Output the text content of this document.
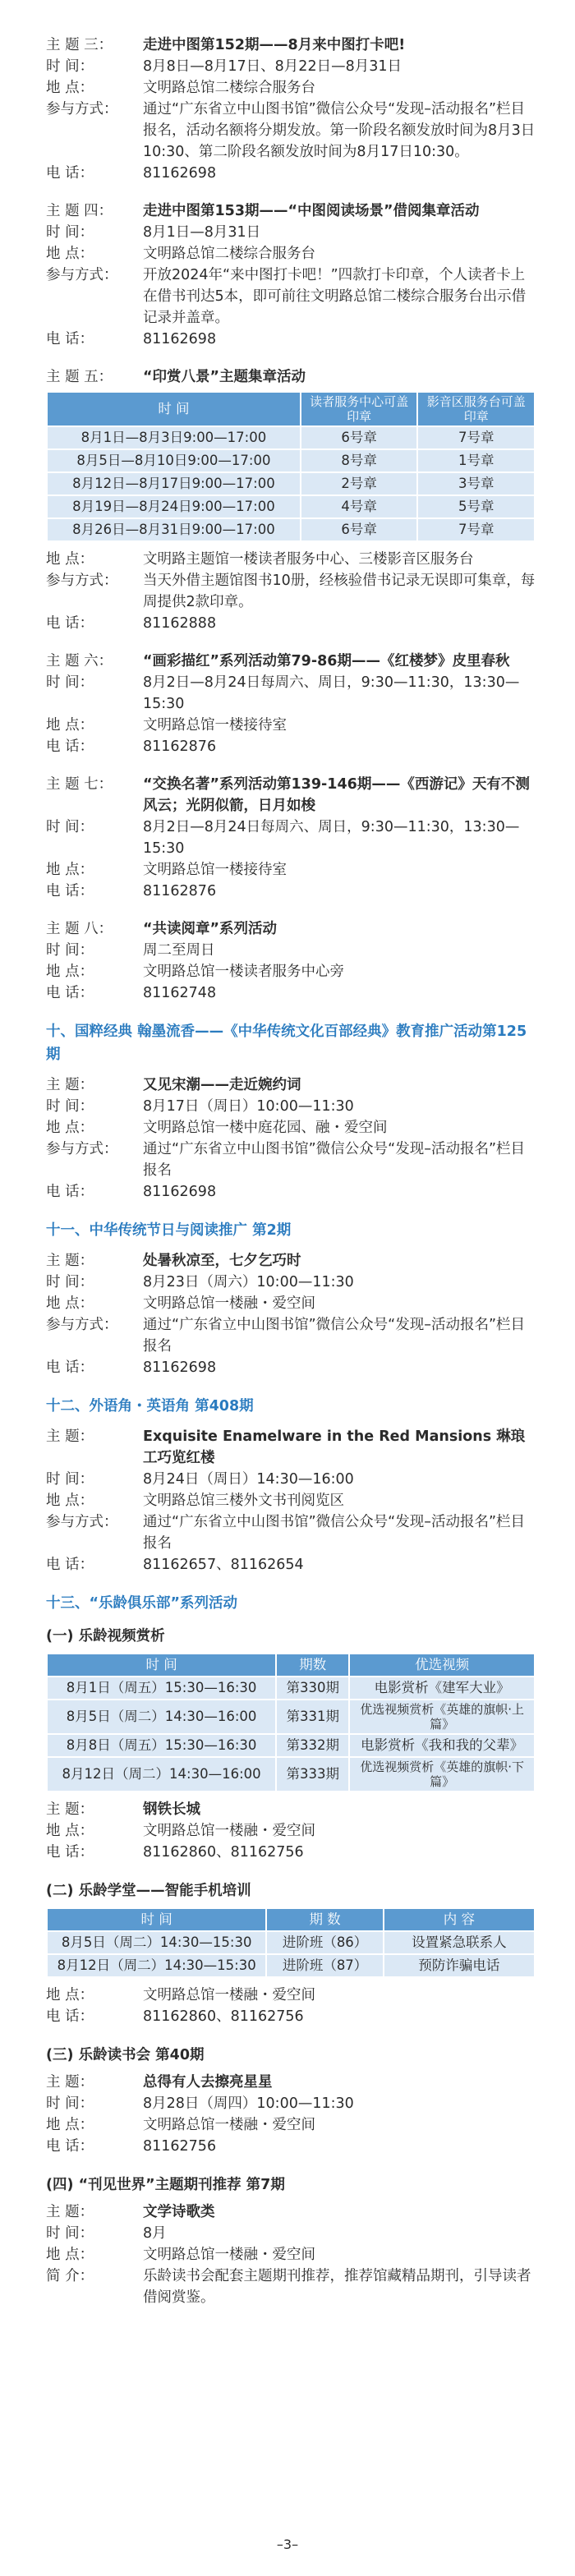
主 题 三：	走进中图第152期——8月来中图打卡吧!
时 间：	8月8日—8月17日、8月22日—8月31日
地 点：	文明路总馆二楼综合服务台
参与方式：	通过“广东省立中山图书馆”微信公众号“发现–活动报名”栏目报名，活动名额将分期发放。第一阶段名额发放时间为8月3日10:30、第二阶段名额发放时间为8月17日10:30。
电 话：	81162698
主 题 四：	走进中图第153期——“中图阅读场景”借阅集章活动
时 间：	8月1日—8月31日
地 点：	文明路总馆二楼综合服务台
参与方式：	开放2024年“来中图打卡吧！”四款打卡印章，个人读者卡上在借书刊达5本，即可前往文明路总馆二楼综合服务台出示借记录并盖章。
电 话：	81162698
主 题 五：	“印赏八景”主题集章活动
时 间	读者服务中心可盖印章	影音区服务台可盖印章
8月1日—8月3日9:00—17:00	6号章	7号章
8月5日—8月10日9:00—17:00	8号章	1号章
8月12日—8月17日9:00—17:00	2号章	3号章
8月19日—8月24日9:00—17:00	4号章	5号章
8月26日—8月31日9:00—17:00	6号章	7号章
地 点：	文明路主题馆一楼读者服务中心、三楼影音区服务台
参与方式：	当天外借主题馆图书10册，经核验借书记录无误即可集章，每周提供2款印章。
电 话：	81162888
主 题 六：	“画彩描红”系列活动第79-86期——《红楼梦》皮里春秋
时 间：	8月2日—8月24日每周六、周日，9:30—11:30，13:30—15:30
地 点：	文明路总馆一楼接待室
电 话：	81162876
主 题 七：	“交换名著”系列活动第139-146期——《西游记》天有不测风云；光阴似箭，日月如梭
时 间：	8月2日—8月24日每周六、周日，9:30—11:30，13:30—15:30
地 点：	文明路总馆一楼接待室
电 话：	81162876
主 题 八：	“共读阅章”系列活动
时 间：	周二至周日
地 点：	文明路总馆一楼读者服务中心旁
电 话：	81162748
十、国粹经典 翰墨流香——《中华传统文化百部经典》教育推广活动第125期
主 题：	又见宋潮——走近婉约词
时 间：	8月17日（周日）10:00—11:30
地 点：	文明路总馆一楼中庭花园、融・爱空间
参与方式：	通过“广东省立中山图书馆”微信公众号“发现–活动报名”栏目报名
电 话：	81162698
十一、中华传统节日与阅读推广 第2期
主 题：	处暑秋凉至，七夕乞巧时
时 间：	8月23日（周六）10:00—11:30
地 点：	文明路总馆一楼融・爱空间
参与方式：	通过“广东省立中山图书馆”微信公众号“发现–活动报名”栏目报名
电 话：	81162698
十二、外语角・英语角 第408期
主 题：	Exquisite Enamelware in the Red Mansions 琳琅工巧览红楼
时 间：	8月24日（周日）14:30—16:00
地 点：	文明路总馆三楼外文书刊阅览区
参与方式：	通过“广东省立中山图书馆”微信公众号“发现–活动报名”栏目报名
电 话：	81162657、81162654
十三、“乐龄俱乐部”系列活动
(一) 乐龄视频赏析
时 间	期数	优选视频
8月1日（周五）15:30—16:30	第330期	电影赏析《建军大业》
8月5日（周二）14:30—16:00	第331期	优选视频赏析《英雄的旗帜·上篇》
8月8日（周五）15:30—16:30	第332期	电影赏析《我和我的父辈》
8月12日（周二）14:30—16:00	第333期	优选视频赏析《英雄的旗帜·下篇》
主 题：	钢铁长城
地 点：	文明路总馆一楼融・爱空间
电 话：	81162860、81162756
(二) 乐龄学堂——智能手机培训
时 间	期 数	内 容
8月5日（周二）14:30—15:30	进阶班（86）	设置紧急联系人
8月12日（周二）14:30—15:30	进阶班（87）	预防诈骗电话
地 点：	文明路总馆一楼融・爱空间
电 话：	81162860、81162756
(三) 乐龄读书会 第40期
主 题：	总得有人去擦亮星星
时 间：	8月28日（周四）10:00—11:30
地 点：	文明路总馆一楼融・爱空间
电 话：	81162756
(四) “刊见世界”主题期刊推荐 第7期
主 题：	文学诗歌类
时 间：	8月
地 点：	文明路总馆一楼融・爱空间
简 介：	乐龄读书会配套主题期刊推荐，推荐馆藏精品期刊，引导读者借阅赏鉴。
–3–
